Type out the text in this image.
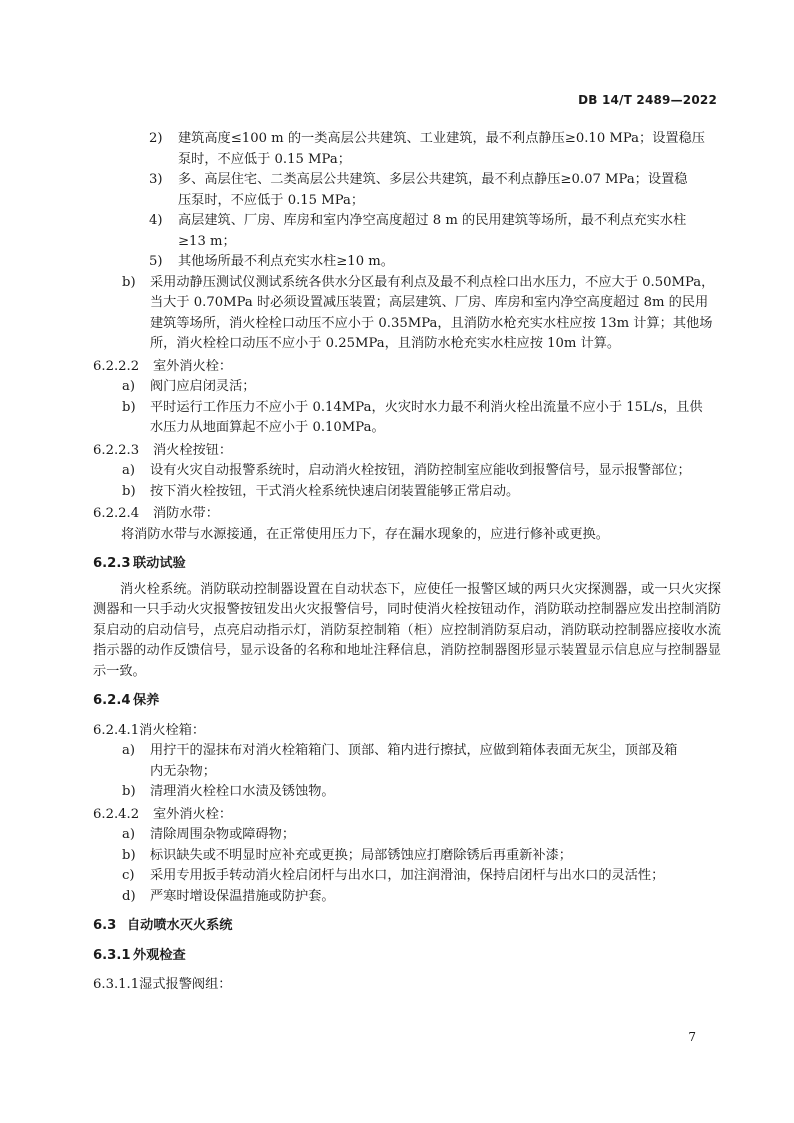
DB 14/T 2489—2022
2) 建筑高度≤100 m 的一类高层公共建筑、工业建筑，最不利点静压≥0.10 MPa；设置稳压
泵时，不应低于 0.15 MPa；
3) 多、高层住宅、二类高层公共建筑、多层公共建筑，最不利点静压≥0.07 MPa；设置稳
压泵时，不应低于 0.15 MPa；
4) 高层建筑、厂房、库房和室内净空高度超过 8 m 的民用建筑等场所，最不利点充实水柱
≥13 m；
5) 其他场所最不利点充实水柱≥10 m。
b) 采用动静压测试仪测试系统各供水分区最有利点及最不利点栓口出水压力，不应大于 0.50MPa，
当大于 0.70MPa 时必须设置减压装置；高层建筑、厂房、库房和室内净空高度超过 8m 的民用
建筑等场所，消火栓栓口动压不应小于 0.35MPa，且消防水枪充实水柱应按 13m 计算；其他场
所，消火栓栓口动压不应小于 0.25MPa，且消防水枪充实水柱应按 10m 计算。
6.2.2.2 室外消火栓：
a) 阀门应启闭灵活；
b) 平时运行工作压力不应小于 0.14MPa，火灾时水力最不利消火栓出流量不应小于 15L/s，且供
水压力从地面算起不应小于 0.10MPa。
6.2.2.3 消火栓按钮：
a) 设有火灾自动报警系统时，启动消火栓按钮，消防控制室应能收到报警信号，显示报警部位；
b) 按下消火栓按钮，干式消火栓系统快速启闭装置能够正常启动。
6.2.2.4 消防水带：
将消防水带与水源接通，在正常使用压力下，存在漏水现象的，应进行修补或更换。
6.2.3 联动试验
消火栓系统。消防联动控制器设置在自动状态下，应使任一报警区域的两只火灾探测器，或一只火灾探测器和一只手动火灾报警按钮发出火灾报警信号，同时使消火栓按钮动作，消防联动控制器应发出控制消防泵启动的启动信号，点亮启动指示灯，消防泵控制箱（柜）应控制消防泵启动，消防联动控制器应接收水流指示器的动作反馈信号，显示设备的名称和地址注释信息，消防控制器图形显示装置显示信息应与控制器显示一致。
6.2.4 保养
6.2.4.1消火栓箱：
a) 用拧干的湿抹布对消火栓箱箱门、顶部、箱内进行擦拭，应做到箱体表面无灰尘，顶部及箱
内无杂物；
b) 清理消火栓栓口水渍及锈蚀物。
6.2.4.2 室外消火栓：
a) 清除周围杂物或障碍物；
b) 标识缺失或不明显时应补充或更换；局部锈蚀应打磨除锈后再重新补漆；
c) 采用专用扳手转动消火栓启闭杆与出水口，加注润滑油，保持启闭杆与出水口的灵活性；
d) 严寒时增设保温措施或防护套。
6.3 自动喷水灭火系统
6.3.1 外观检查
6.3.1.1湿式报警阀组：
7
